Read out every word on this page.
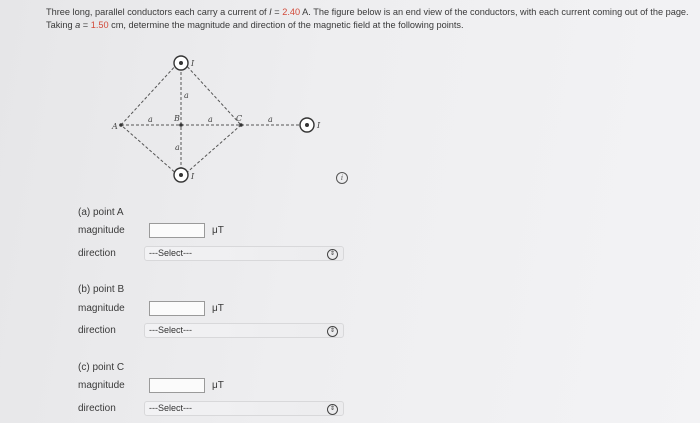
Three long, parallel conductors each carry a current of I = 2.40 A. The figure below is an end view of the conductors, with each current coming out of the page. Taking a = 1.50 cm, determine the magnitude and direction of the magnetic field at the following points.
I
I
I
A
B	C
a
a
a	a	a
i
(a) point A
magnitude	μT
direction	---Select---	⇕
(b) point B
magnitude	μT
direction	---Select---	⇕
(c) point C
magnitude	μT
direction	---Select---	⇕
